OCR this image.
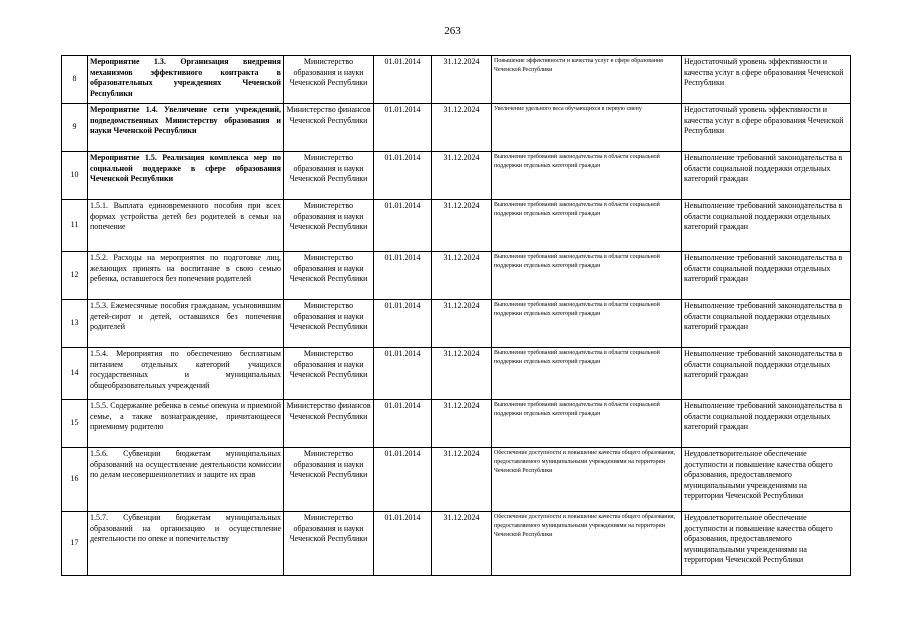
263
8	Мероприятие 1.3. Организация внедрения механизмов эффективного контракта в образовательных учреждениях Чеченской Республики	Министерство образования и науки Чеченской Республики	01.01.2014	31.12.2024	Повышение эффективности и качества услуг в сфере образования Чеченской Республики	Недостаточный уровень эффективности и качества услуг в сфере образования Чеченской Республики
9	Мероприятие 1.4. Увеличение сети учреждений, подведомственных Министерству образования и науки Чеченской Республики	Министерство финансов Чеченской Республики	01.01.2014	31.12.2024	Увеличение удельного веса обучающихся в первую смену	Недостаточный уровень эффективности и качества услуг в сфере образования Чеченской Республики
10	Мероприятие 1.5. Реализация комплекса мер по социальной поддержке в сфере образования Чеченской Республики	Министерство образования и науки Чеченской Республики	01.01.2014	31.12.2024	Выполнение требований законодательства в области социальной поддержки отдельных категорий граждан	Невыполнение требований законодательства в области социальной поддержки отдельных категорий граждан
11	1.5.1. Выплата единовременного пособия при всех формах устройства детей без родителей в семьи на попечение	Министерство образования и науки Чеченской Республики	01.01.2014	31.12.2024	Выполнение требований законодательства в области социальной поддержки отдельных категорий граждан	Невыполнение требований законодательства в области социальной поддержки отдельных категорий граждан
12	1.5.2. Расходы на мероприятия по подготовке лиц, желающих принять на воспитание в свою семью ребенка, оставшегося без попечения родителей	Министерство образования и науки Чеченской Республики	01.01.2014	31.12.2024	Выполнение требований законодательства в области социальной поддержки отдельных категорий граждан	Невыполнение требований законодательства в области социальной поддержки отдельных категорий граждан
13	1.5.3. Ежемесячные пособия гражданам, усыновившим детей-сирот и детей, оставшихся без попечения родителей	Министерство образования и науки Чеченской Республики	01.01.2014	31.12.2024	Выполнение требований законодательства в области социальной поддержки отдельных категорий граждан	Невыполнение требований законодательства в области социальной поддержки отдельных категорий граждан
14	1.5.4. Мероприятия по обеспечению бесплатным питанием отдельных категорий учащихся государственных и муниципальных общеобразовательных учреждений	Министерство образования и науки Чеченской Республики	01.01.2014	31.12.2024	Выполнение требований законодательства в области социальной поддержки отдельных категорий граждан	Невыполнение требований законодательства в области социальной поддержки отдельных категорий граждан
15	1.5.5. Содержание ребенка в семье опекуна и приемной семье, а также вознаграждение, причитающееся приемному родителю	Министерство финансов Чеченской Республики	01.01.2014	31.12.2024	Выполнение требований законодательства в области социальной поддержки отдельных категорий граждан	Невыполнение требований законодательства в области социальной поддержки отдельных категорий граждан
16	1.5.6. Субвенции бюджетам муниципальных образований на осуществление деятельности комиссии по делам несовершеннолетних и защите их прав	Министерство образования и науки Чеченской Республики	01.01.2014	31.12.2024	Обеспечение доступности и повышение качества общего образования, предоставляемого муниципальными учреждениями на территории Чеченской Республики	Неудовлетворительное обеспечение доступности и повышение качества общего образования, предоставляемого муниципальными учреждениями на территории Чеченской Республики
17	1.5.7. Субвенции бюджетам муниципальных образований на организацию и осуществление деятельности по опеке и попечительству	Министерство образования и науки Чеченской Республики	01.01.2014	31.12.2024	Обеспечение доступности и повышение качества общего образования, предоставляемого муниципальными учреждениями на территории Чеченской Республики	Неудовлетворительное обеспечение доступности и повышение качества общего образования, предоставляемого муниципальными учреждениями на территории Чеченской Республики
